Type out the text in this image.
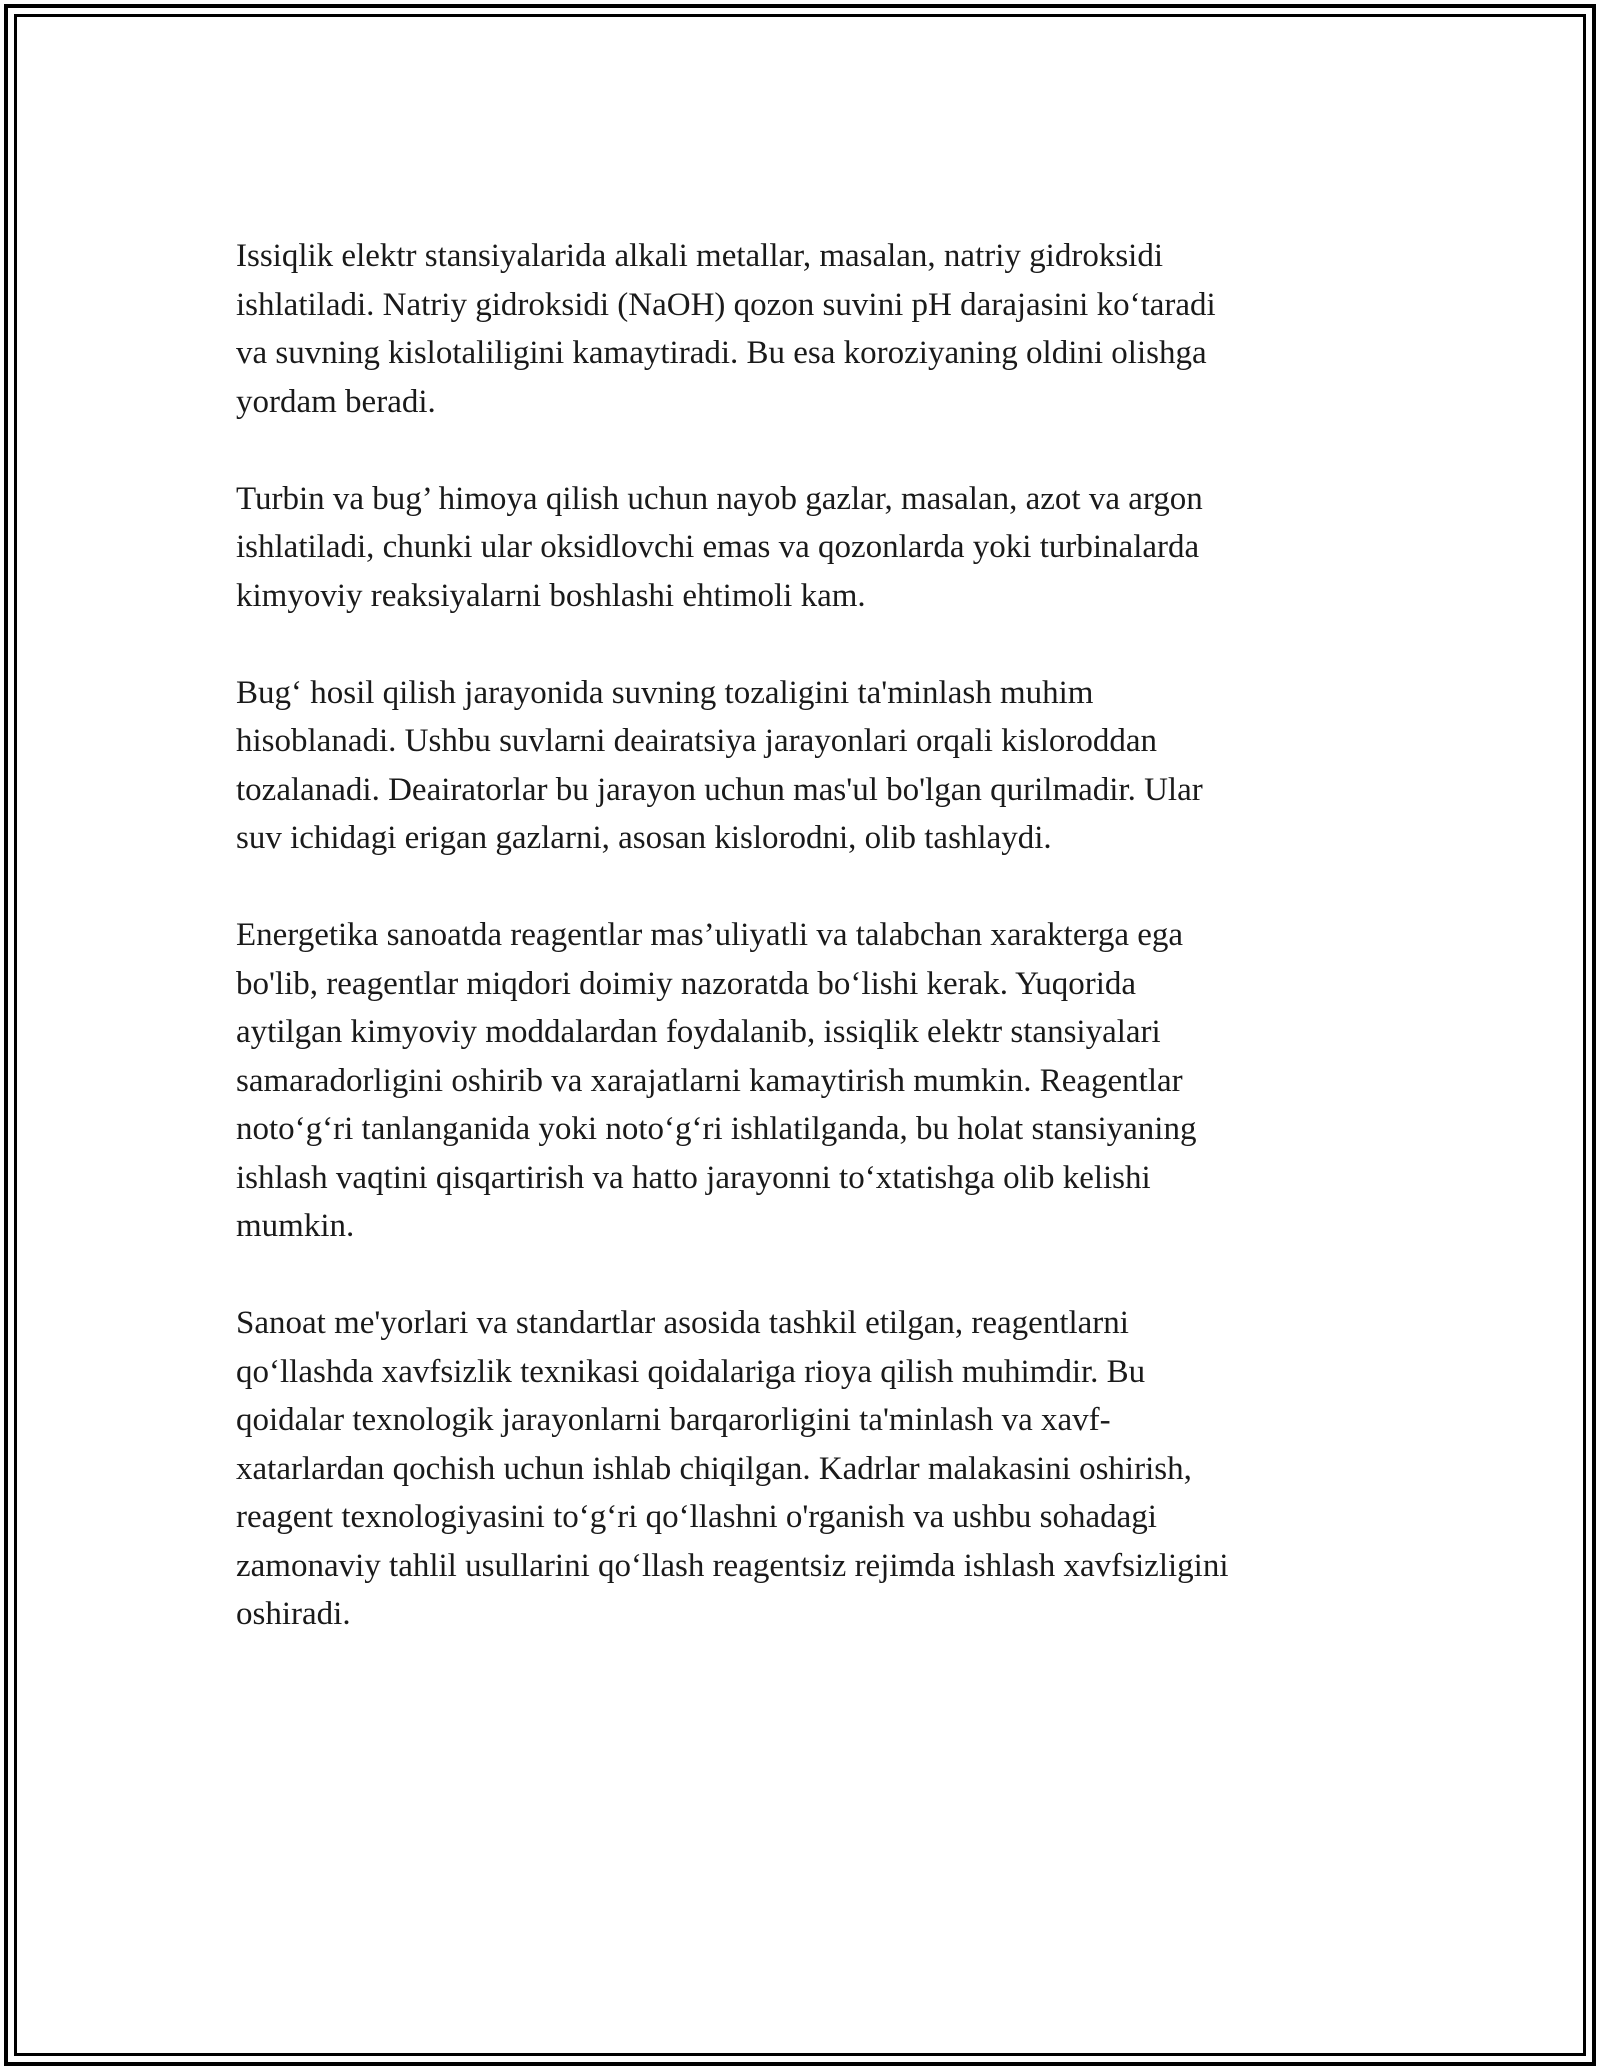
Issiqlik elektr stansiyalarida alkali metallar, masalan, natriy gidroksidi
ishlatiladi. Natriy gidroksidi (NaOH) qozon suvini pH darajasini ko‘taradi
va suvning kislotaliligini kamaytiradi. Bu esa koroziyaning oldini olishga
yordam beradi.

Turbin va bug’ himoya qilish uchun nayob gazlar, masalan, azot va argon
ishlatiladi, chunki ular oksidlovchi emas va qozonlarda yoki turbinalarda
kimyoviy reaksiyalarni boshlashi ehtimoli kam.

Bug‘ hosil qilish jarayonida suvning tozaligini ta'minlash muhim
hisoblanadi. Ushbu suvlarni deairatsiya jarayonlari orqali kisloroddan
tozalanadi. Deairatorlar bu jarayon uchun mas'ul bo'lgan qurilmadir. Ular
suv ichidagi erigan gazlarni, asosan kislorodni, olib tashlaydi.

Energetika sanoatda reagentlar mas’uliyatli va talabchan xarakterga ega
bo'lib, reagentlar miqdori doimiy nazoratda bo‘lishi kerak. Yuqorida
aytilgan kimyoviy moddalardan foydalanib, issiqlik elektr stansiyalari
samaradorligini oshirib va xarajatlarni kamaytirish mumkin. Reagentlar
noto‘g‘ri tanlanganida yoki noto‘g‘ri ishlatilganda, bu holat stansiyaning
ishlash vaqtini qisqartirish va hatto jarayonni to‘xtatishga olib kelishi
mumkin.

Sanoat me'yorlari va standartlar asosida tashkil etilgan, reagentlarni
qo‘llashda xavfsizlik texnikasi qoidalariga rioya qilish muhimdir. Bu
qoidalar texnologik jarayonlarni barqarorligini ta'minlash va xavf-
xatarlardan qochish uchun ishlab chiqilgan. Kadrlar malakasini oshirish,
reagent texnologiyasini to‘g‘ri qo‘llashni o'rganish va ushbu sohadagi
zamonaviy tahlil usullarini qo‘llash reagentsiz rejimda ishlash xavfsizligini
oshiradi.
